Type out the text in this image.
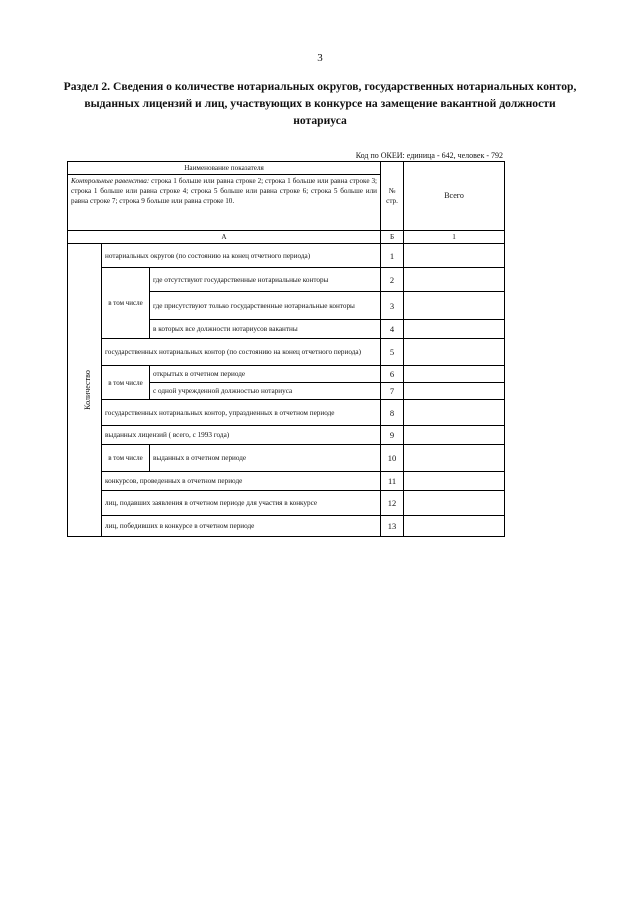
3
Раздел 2. Сведения о количестве нотариальных округов, государственных нотариальных контор, выданных лицензий и лиц, участвующих в конкурсе на замещение вакантной должности нотариуса
Код по ОКЕИ: единица - 642, человек - 792
Наименование показателя			№ стр.	Всего
Контрольные равенства: строка 1 больше или равна строке 2; строка 1 больше или равна строке 3; строка 1 больше или равна строке 4; строка 5 больше или равна строке 6; строка 5 больше или равна строке 7; строка 9 больше или равна строке 10.				
А			Б	1
Количество	нотариальных округов (по состоянию на конец отчетного периода)		1	
	в том числе	где отсутствуют государственные нотариальные конторы	2	
		где присутствуют только государственные нотариальные конторы	3	
		в которых все должности нотариусов вакантны	4	
	государственных нотариальных контор (по состоянию на конец отчетного периода)		5	
	в том числе	открытых в отчетном периоде	6	
		с одной учрежденной должностью нотариуса	7	
	государственных нотариальных контор, упраздненных в отчетном периоде		8	
	выданных лицензий ( всего, с 1993 года)		9	
	в том числе	выданных в отчетном периоде	10	
	конкурсов, проведенных в отчетном периоде		11	
	лиц, подавших заявления в отчетном периоде для участия в конкурсе		12	
	лиц, победивших в конкурсе в отчетном периоде		13	
